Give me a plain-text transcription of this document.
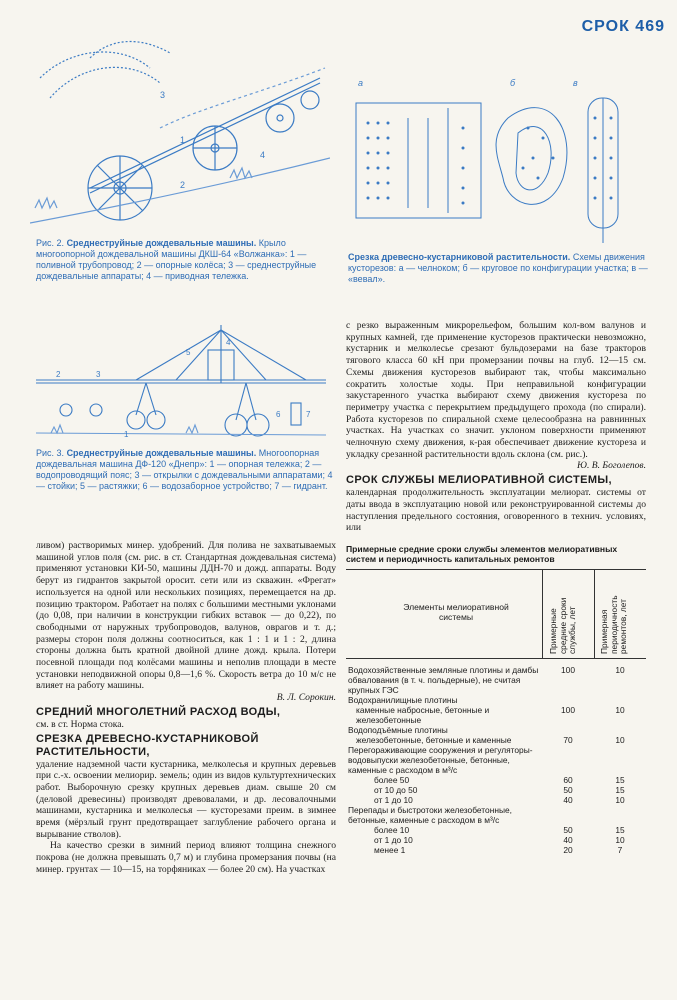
СРОК 469
1
2
3
4
Рис. 2. Среднеструйные дождевальные машины. Крыло многоопорной дождевальной машины ДКШ-64 «Волжанка»: 1 — поливной трубопровод; 2 — опорные колёса; 3 — среднеструйные дождевальные аппараты; 4 — приводная тележка.
а	б	в
Срезка древесно-кустарниковой растительности. Схемы движения кусторезов: а — челноком; б — круговое по конфигурации участка; в — «вевал».
1
2	3
4
5
6	7
Рис. 3. Среднеструйные дождевальные машины. Многоопорная дождевальная машина ДФ-120 «Днепр»: 1 — опорная тележка; 2 — водопроводящий пояс; 3 — открылки с дождевальными аппаратами; 4 — стойки; 5 — растяжки; 6 — водозаборное устройство; 7 — гидрант.

ливом) растворимых минер. удобрений. Для полива не захватываемых машиной углов поля (см. рис. в ст. Стандартная дождевальная система) применяют установки КИ-50, машины ДДН-70 и дожд. аппараты. Воду берут из гидрантов закрытой оросит. сети или из скважин. «Фрегат» используется на одной или нескольких позициях, перемещается на др. позицию трактором. Работает на полях с большими местными уклонами (до 0,08, при наличии в конструкции гибких вставок — до 0,22), по свободными от наружных трубопроводов, валунов, оврагов и т. д.; размеры сторон поля должны соотноситься, как 1 : 1 и 1 : 2, длина стороны должна быть кратной двойной длине дожд. крыла. Потери посевной площади под колёсами машины и неполив площади в месте установки неподвижной опоры 0,8—1,6 %. Скорость ветра до 10 м/с не влияет на работу машины.

В. Л. Сорокин.

СРЕДНИЙ МНОГОЛЕТНИЙ РАСХОД ВОДЫ,

см. в ст. Норма стока.

СРЕЗКА ДРЕВЕСНО-КУСТАРНИКОВОЙ РАСТИТЕЛЬНОСТИ,

удаление надземной части кустарника, мелколесья и крупных деревьев при с.-х. освоении мелиорир. земель; один из видов культуртехнических работ. Выборочную срезку крупных деревьев диам. свыше 20 см (деловой древесины) производят древовалами, и др. лесовалочными машинами, кустарника и мелколесья — кусторезами преим. в зимнее время (мёрзлый грунт предотвращает заглубление рабочего органа и вырывание стволов).

На качество срезки в зимний период влияют толщина снежного покрова (не должна превышать 0,7 м) и глубина промерзания почвы (на минер. грунтах — 10—15, на торфяниках — более 20 см). На участках

с резко выраженным микрорельефом, большим кол-вом валунов и крупных камней, где применение кусторезов практически невозможно, кустарник и мелколесье срезают бульдозерами на базе тракторов тягового класса 60 кН при промерзании почвы на глуб. 12—15 см. Схемы движения кусторезов выбирают так, чтобы максимально сократить холостые ходы. При неправильной конфигурации закустаренного участка выбирают схему движения кустореза по периметру участка с перекрытием предыдущего прохода (по спирали). Работа кусторезов по спиральной схеме целесообразна на равнинных участках. На участках со значит. уклоном поверхности применяют челночную схему движения, к-рая обеспечивает движение кустореза и укладку срезанной растительности вдоль склона (см. рис.).

Ю. В. Боголепов.

СРОК СЛУЖБЫ МЕЛИОРАТИВНОЙ СИСТЕМЫ,

календарная продолжительность эксплуатации мелиорат. системы от даты ввода в эксплуатацию новой или реконструированной системы до наступления предельного состояния, оговоренного в технич. условиях, или

Примерные средние сроки службы элементов мелиоративных систем и периодичность капитальных ремонтов
Элементы мелиоративной системы	Примерные средние сроки службы, лет	Примерная периодичность ремонтов, лет
Водохозяйственные земляные плотины и дамбы обвалования (в т. ч. польдерные), не считая крупных ГЭС	100	10
Водохранилищные плотины		
каменные набросные, бетонные и железобетонные	100	10
Водоподъёмные плотины		
железобетонные, бетонные и каменные	70	10
Перегораживающие сооружения и регуляторы-водовыпуски железобетонные, бетонные, каменные с расходом в м³/с		
более 50	60	15
от 10 до 50	50	15
от 1 до 10	40	10
Перепады и быстротоки железобетонные, бетонные, каменные с расходом в м³/с		
более 10	50	15
от 1 до 10	40	10
менее 1	20	7
